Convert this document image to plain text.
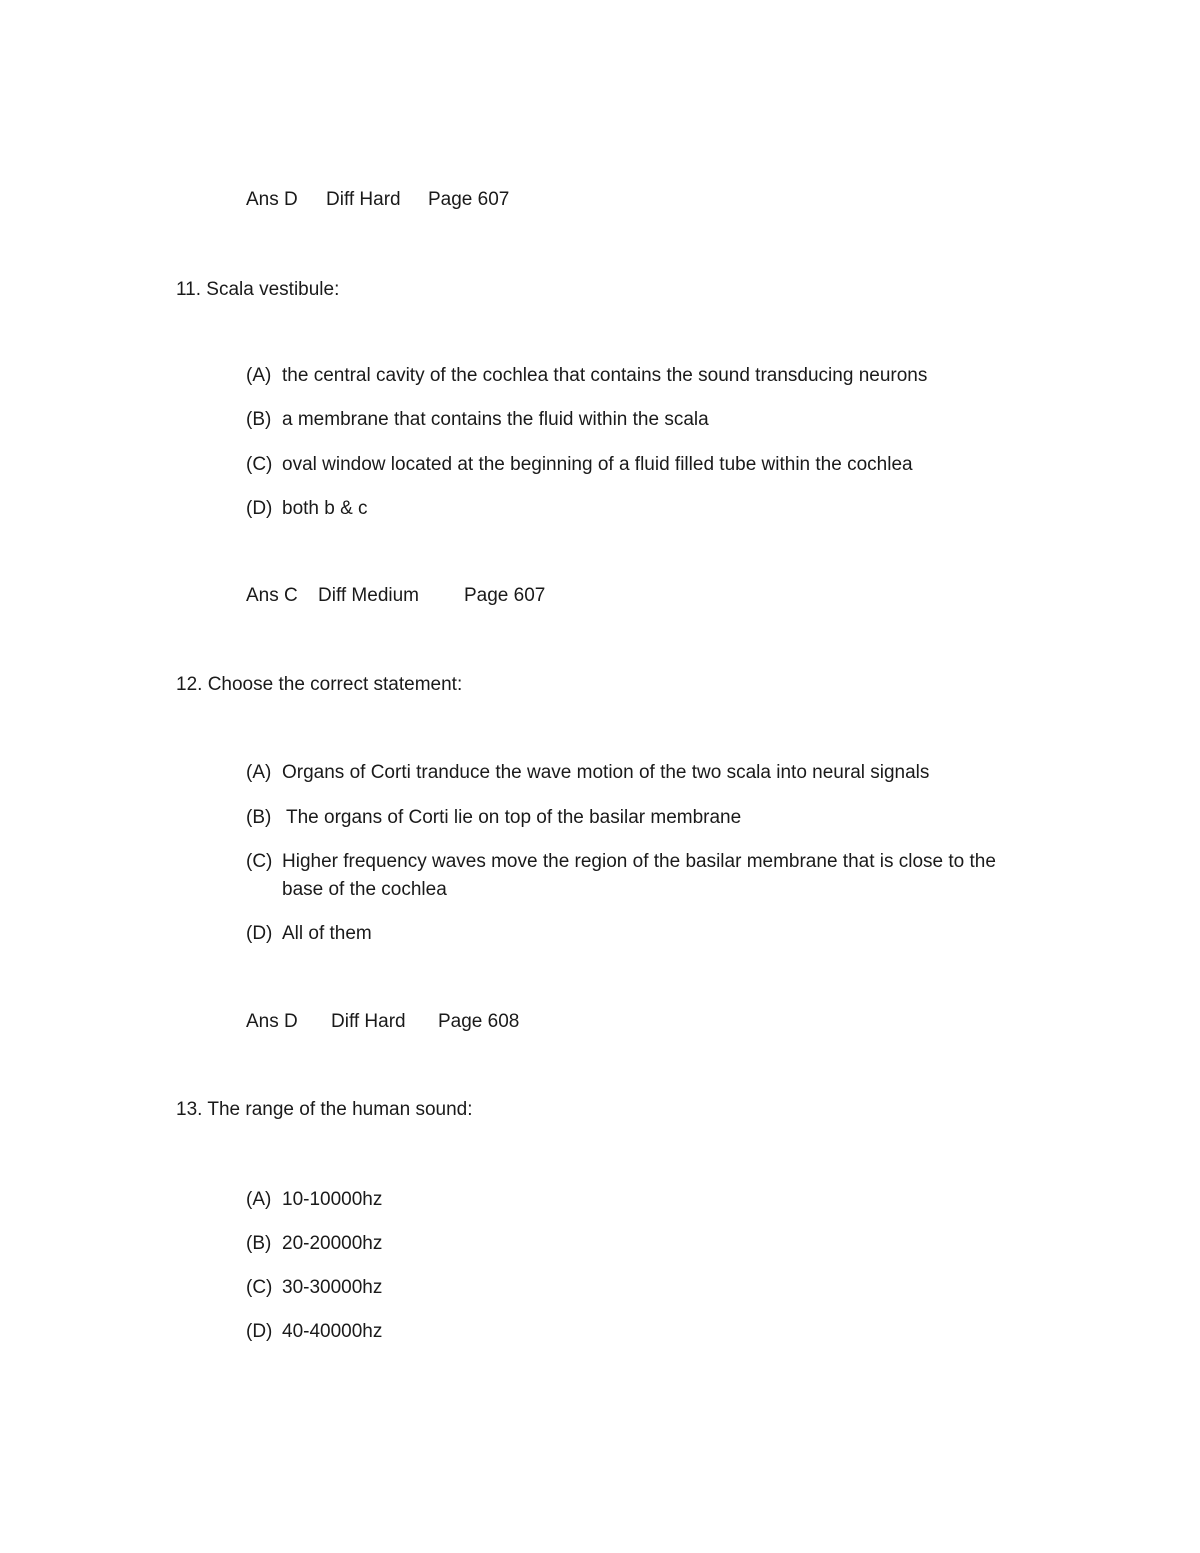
Ans D Diff Hard Page 607
11. Scala vestibule:
(A) the central cavity of the cochlea that contains the sound transducing neurons
(B) a membrane that contains the fluid within the scala
(C) oval window located at the beginning of a fluid filled tube within the cochlea
(D) both b & c
Ans C Diff Medium Page 607
12. Choose the correct statement:
(A) Organs of Corti tranduce the wave motion of the two scala into neural signals
(B) The organs of Corti lie on top of the basilar membrane
(C) Higher frequency waves move the region of the basilar membrane that is close to the base of the cochlea
(D) All of them
Ans D Diff Hard Page 608
13. The range of the human sound:
(A) 10-10000hz
(B) 20-20000hz
(C) 30-30000hz
(D) 40-40000hz
